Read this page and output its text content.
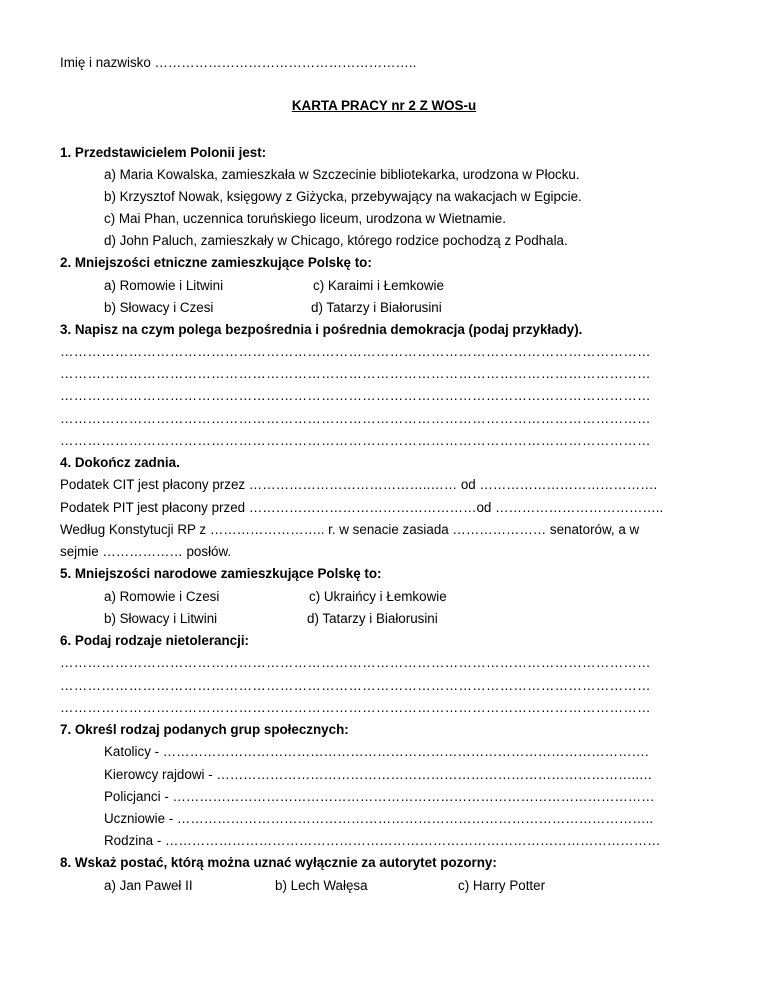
Imię i nazwisko …………………………………………………..
KARTA PRACY nr 2 Z WOS-u
1. Przedstawicielem Polonii jest:
a) Maria Kowalska, zamieszkała w Szczecinie bibliotekarka, urodzona w Płocku.
b) Krzysztof Nowak, księgowy z Giżycka, przebywający na wakacjach w Egipcie.
c) Mai Phan, uczennica toruńskiego liceum, urodzona w Wietnamie.
d) John Paluch, zamieszkały w Chicago, którego rodzice pochodzą z Podhala.
2. Mniejszości etniczne zamieszkujące Polskę to:
a) Romowie i Litwini	c) Karaimi i Łemkowie
b) Słowacy i Czesi	d) Tatarzy i Białorusini
3. Napisz na czym polega bezpośrednia i pośrednia demokracja (podaj przykłady).
…………………………………………………………………………………………………………………
…………………………………………………………………………………………………………………
…………………………………………………………………………………………………………………
…………………………………………………………………………………………………………………
…………………………………………………………………………………………………………………
4. Dokończ zadnia.
Podatek CIT jest płacony przez …………………………………..…… od ………………………………….
Podatek PIT jest płacony przed ……………………………………………od ………………………………..
Według Konstytucji RP z …………………….. r. w senacie zasiada ………………… senatorów, a w
sejmie ……………… posłów.
5. Mniejszości narodowe zamieszkujące Polskę to:
a) Romowie i Czesi	c) Ukraińcy i Łemkowie
b) Słowacy i Litwini	d) Tatarzy i Białorusini
6. Podaj rodzaje nietolerancji:
…………………………………………………………………………………………………………………
…………………………………………………………………………………………………………………
…………………………………………………………………………………………………………………
7. Określ rodzaj podanych grup społecznych:
Katolicy - ……………………………………………………………………………………………….
Kierowcy rajdowi - …………………………………………………………………………………..…
Policjanci - ………………………………………………………………………………………………
Uczniowie - ……………………………………………………………………………………………..
Rodzina - …………………………………………………………………………………………………
8. Wskaż postać, którą można uznać wyłącznie za autorytet pozorny:
a) Jan Paweł II	b) Lech Wałęsa	c) Harry Potter
